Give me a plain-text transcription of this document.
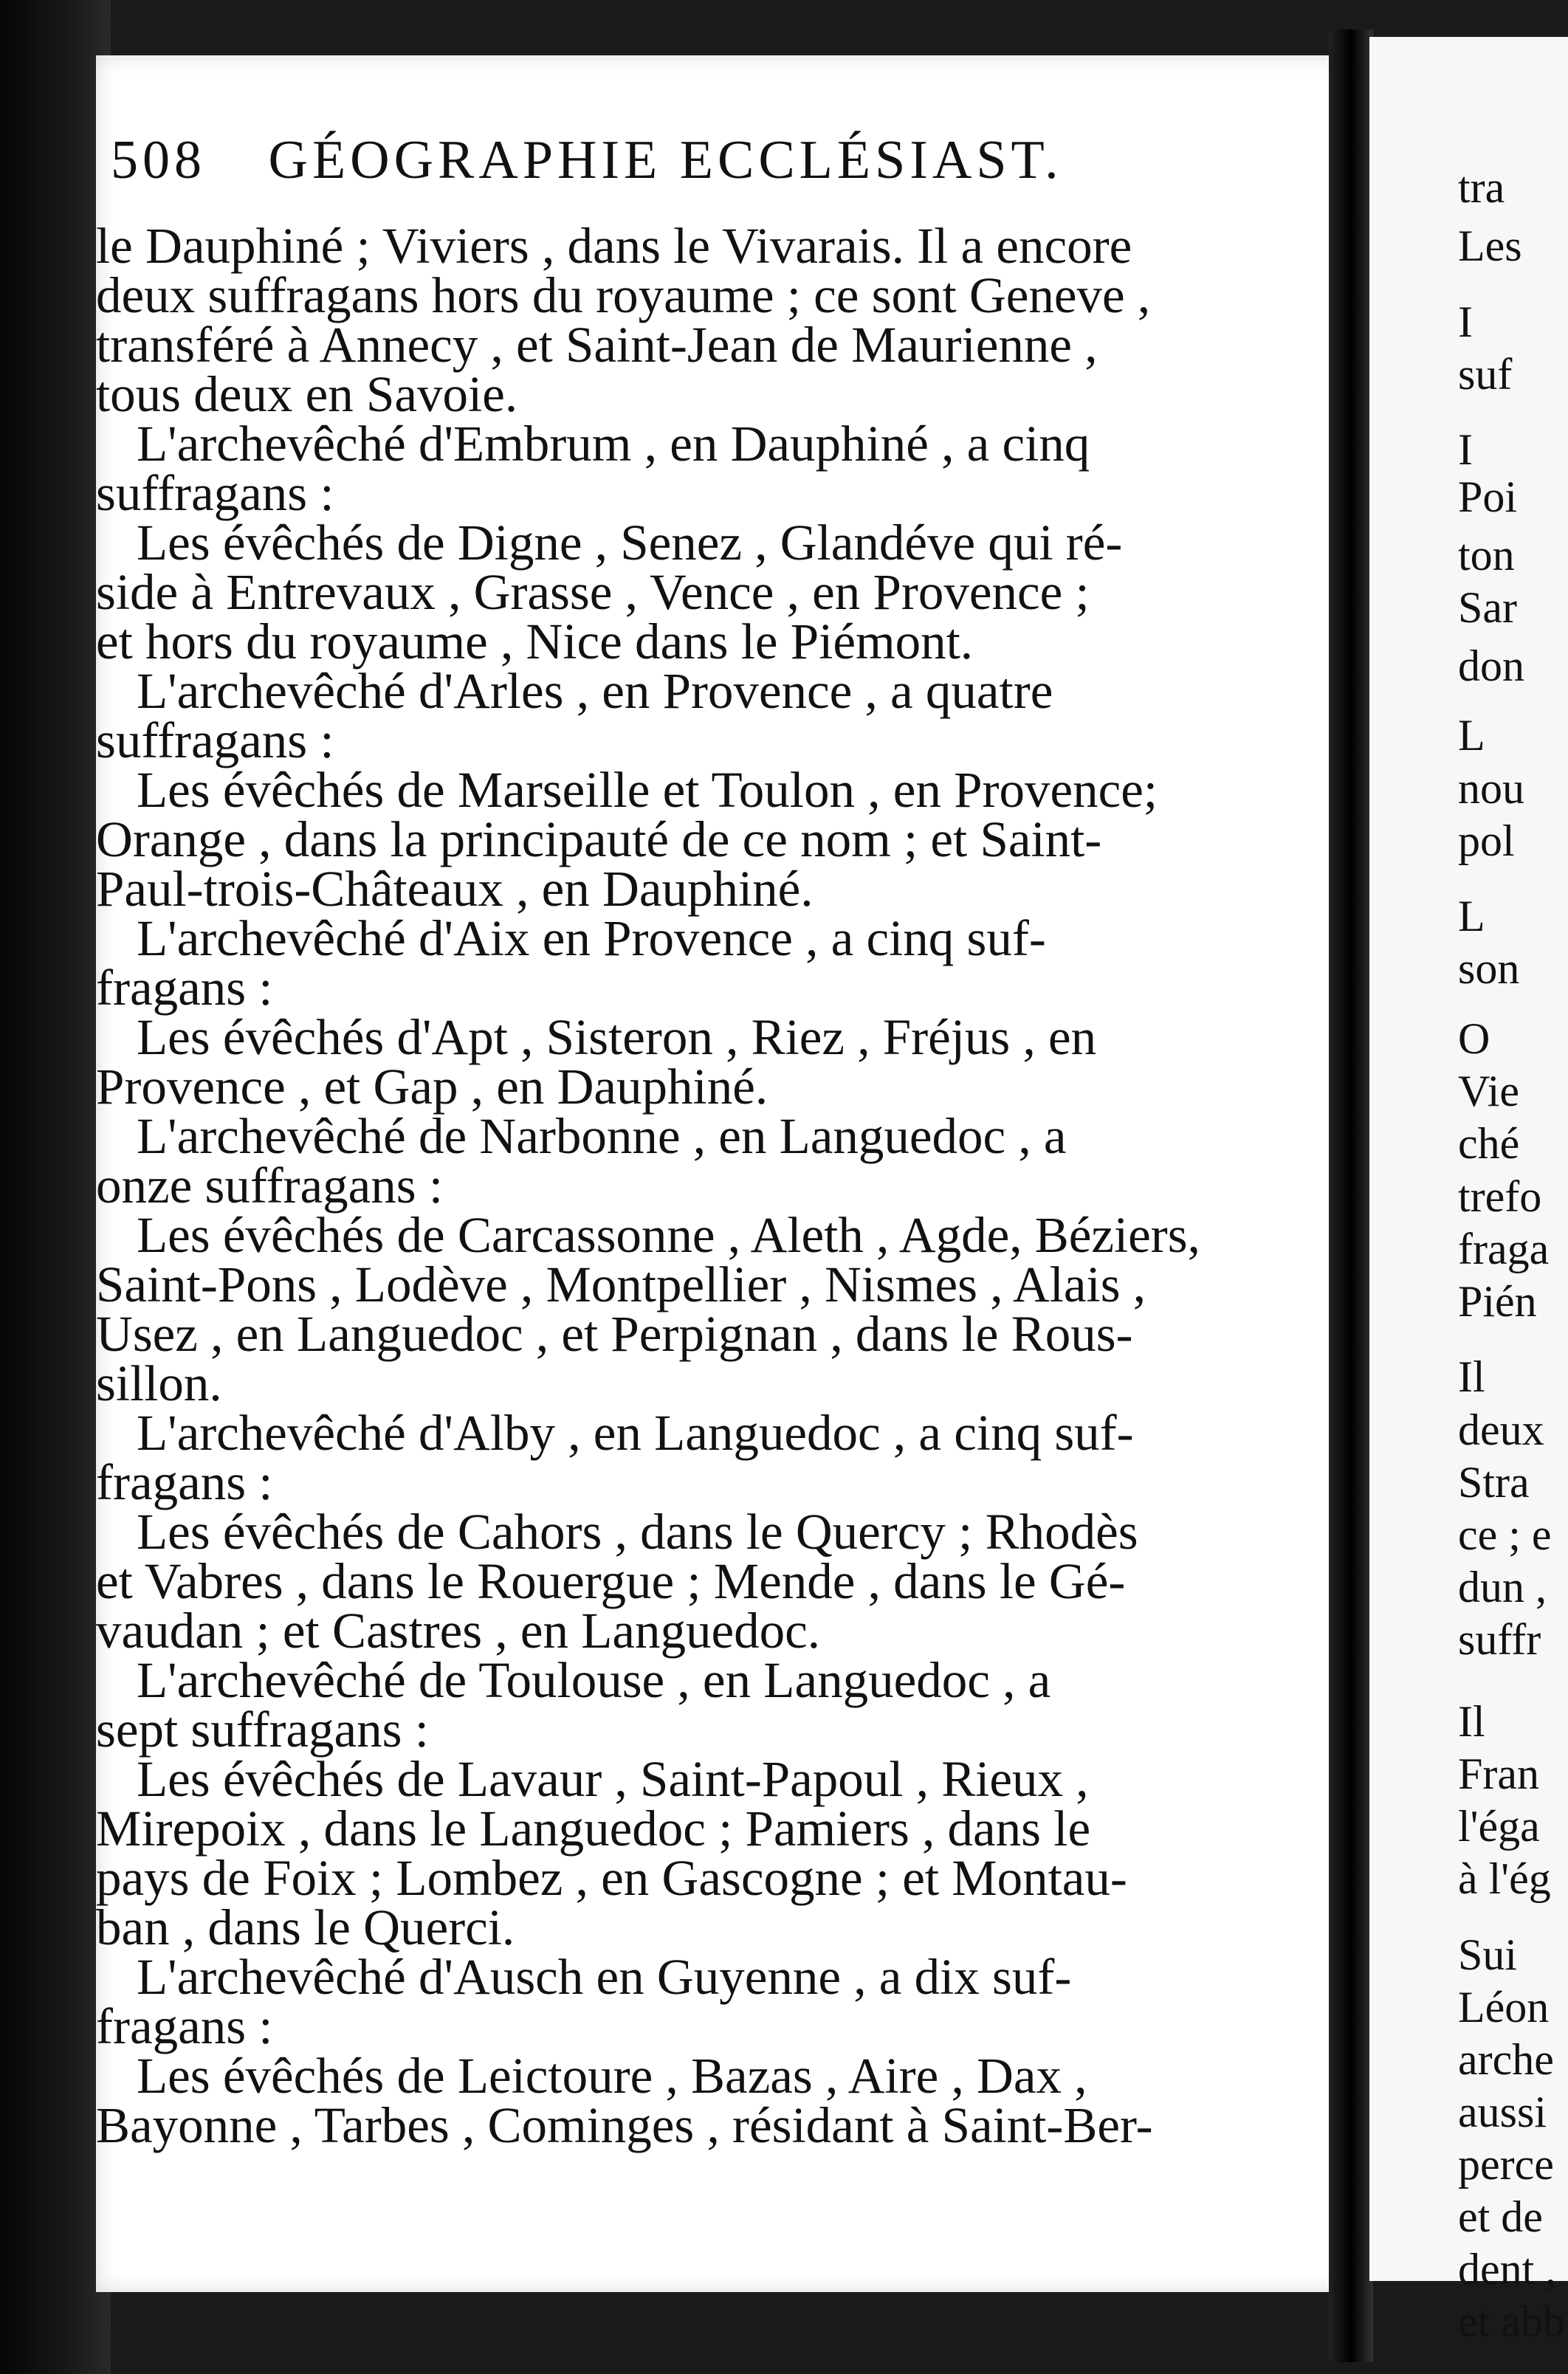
508 GÉOGRAPHIE ECCLÉSIAST.
le Dauphiné ; Viviers , dans le Vivarais. Il a encore
deux suffragans hors du royaume ; ce sont Geneve ,
transféré à Annecy , et Saint-Jean de Maurienne ,
tous deux en Savoie.
L'archevêché d'Embrum , en Dauphiné , a cinq
suffragans :
Les évêchés de Digne , Senez , Glandéve qui ré-
side à Entrevaux , Grasse , Vence , en Provence ;
et hors du royaume , Nice dans le Piémont.
L'archevêché d'Arles , en Provence , a quatre
suffragans :
Les évêchés de Marseille et Toulon , en Provence;
Orange , dans la principauté de ce nom ; et Saint-
Paul-trois-Châteaux , en Dauphiné.
L'archevêché d'Aix en Provence , a cinq suf-
fragans :
Les évêchés d'Apt , Sisteron , Riez , Fréjus , en
Provence , et Gap , en Dauphiné.
L'archevêché de Narbonne , en Languedoc , a
onze suffragans :
Les évêchés de Carcassonne , Aleth , Agde, Béziers,
Saint-Pons , Lodève , Montpellier , Nismes , Alais ,
Usez , en Languedoc , et Perpignan , dans le Rous-
sillon.
L'archevêché d'Alby , en Languedoc , a cinq suf-
fragans :
Les évêchés de Cahors , dans le Quercy ; Rhodès
et Vabres , dans le Rouergue ; Mende , dans le Gé-
vaudan ; et Castres , en Languedoc.
L'archevêché de Toulouse , en Languedoc , a
sept suffragans :
Les évêchés de Lavaur , Saint-Papoul , Rieux ,
Mirepoix , dans le Languedoc ; Pamiers , dans le
pays de Foix ; Lombez , en Gascogne ; et Montau-
ban , dans le Querci.
L'archevêché d'Ausch en Guyenne , a dix suf-
fragans :
Les évêchés de Leictoure , Bazas , Aire , Dax ,
Bayonne , Tarbes , Cominges , résidant à Saint-Ber-
tra
Les
I
suf
I
Poi
ton
Sar
don
L
nou
pol
L
son
O
Vie
ché
trefo
fraga
Pién
Il
deux
Stra
ce ; e
dun ,
suffr
Il
Fran
l'éga
à l'ég
Sui
Léon
arche
aussi
perce
et de
dent ,
et abb
